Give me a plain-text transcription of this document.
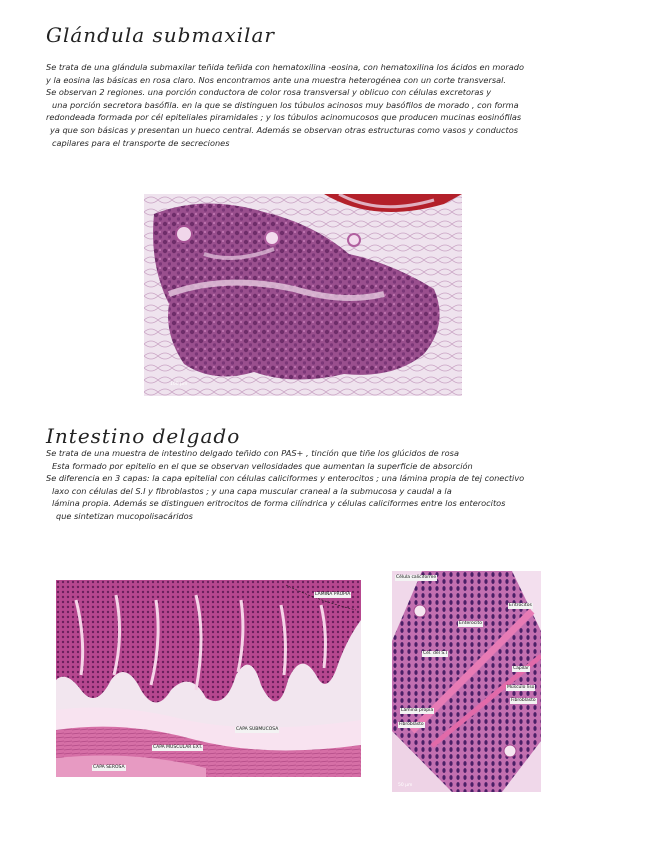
Glándula submaxilar
Se trata de una glándula submaxilar teñida teñida con hematoxilina -eosina, con hematoxilina los ácidos en morado
y la eosina las básicas en rosa claro. Nos encontramos ante una muestra heterogénea con un corte transversal.
Se observan 2 regiones. una porción conductora de color rosa transversal y oblicuo con células excretoras y
una porción secretora basófila. en la que se distinguen los túbulos acinosos muy basófilos de morado , con forma
redondeada formada por cél epiteliales piramidales ; y los túbulos acinomucosos que producen mucinas eosinófilas
ya que son básicas y presentan un hueco central. Además se observan otras estructuras como vasos y conductos
capilares para el transporte de secreciones
100 µm
Intestino delgado
Se trata de una muestra de intestino delgado teñido con PAS+ , tinción que tiñe los glúcidos de rosa
Esta formado por epitelio en el que se observan vellosidades que aumentan la superficie de absorción
Se diferencia en 3 capas: la capa epitelial con células caliciformes y enterocitos ; una lámina propia de tej conectivo
laxo con células del S.I y fibroblastos ; y una capa muscular craneal a la submucosa y caudal a la
lámina propia. Además se distinguen eritrocitos de forma cilíndrica y células caliciformes entre los enterocitos
que sintetizan mucopolisacáridos
CAPA SUBMUCOSA
CAPA MUSCULAR EXT.
CAPA SEROSA
LÁMINA PROPIA
Célula caliciforme
Eritrocitos
Enterocito
Cél. del S.I
Capilar
Fibroblasto
Músculo liso
Lámina propia
Fibroblasto
50 µm
